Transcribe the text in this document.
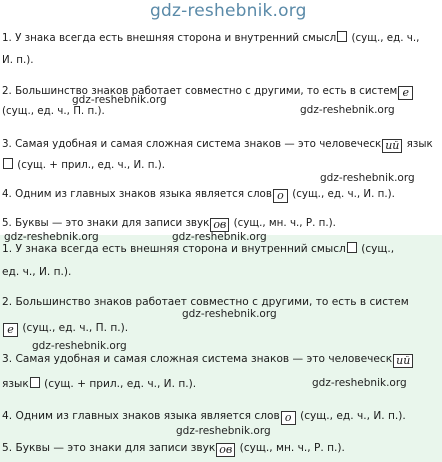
gdz-reshebnik.org
1. У знака всегда есть внешняя сторона и внутренний смысл (сущ., ед. ч.,
И. п.).
2. Большинство знаков работает совместно с другими, то есть в систем е
(сущ., ед. ч., П. п.).
3. Самая удобная и самая сложная система знаков — это человечеcк ий язык
(сущ. + прил., ед. ч., И. п.).
4. Одним из главных знаков языка является слов о (сущ., ед. ч., И. п.).
5. Буквы — это знаки для записи звук ов (сущ., мн. ч., Р. п.).
1. У знака всегда есть внешняя сторона и внутренний смысл (сущ.,
ед. ч., И. п.).
2. Большинство знаков работает совместно с другими, то есть в систем
е (сущ., ед. ч., П. п.).
3. Самая удобная и самая сложная система знаков — это человечеcк ий
язык (сущ. + прил., ед. ч., И. п.).
4. Одним из главных знаков языка является слов о (сущ., ед. ч., И. п.).
5. Буквы — это знаки для записи звук ов (сущ., мн. ч., Р. п.).
gdz-reshebnik.org
gdz-reshebnik.org
gdz-reshebnik.org
gdz-reshebnik.org	gdz-reshebnik.org
gdz-reshebnik.org
gdz-reshebnik.org
gdz-reshebnik.org
gdz-reshebnik.org
